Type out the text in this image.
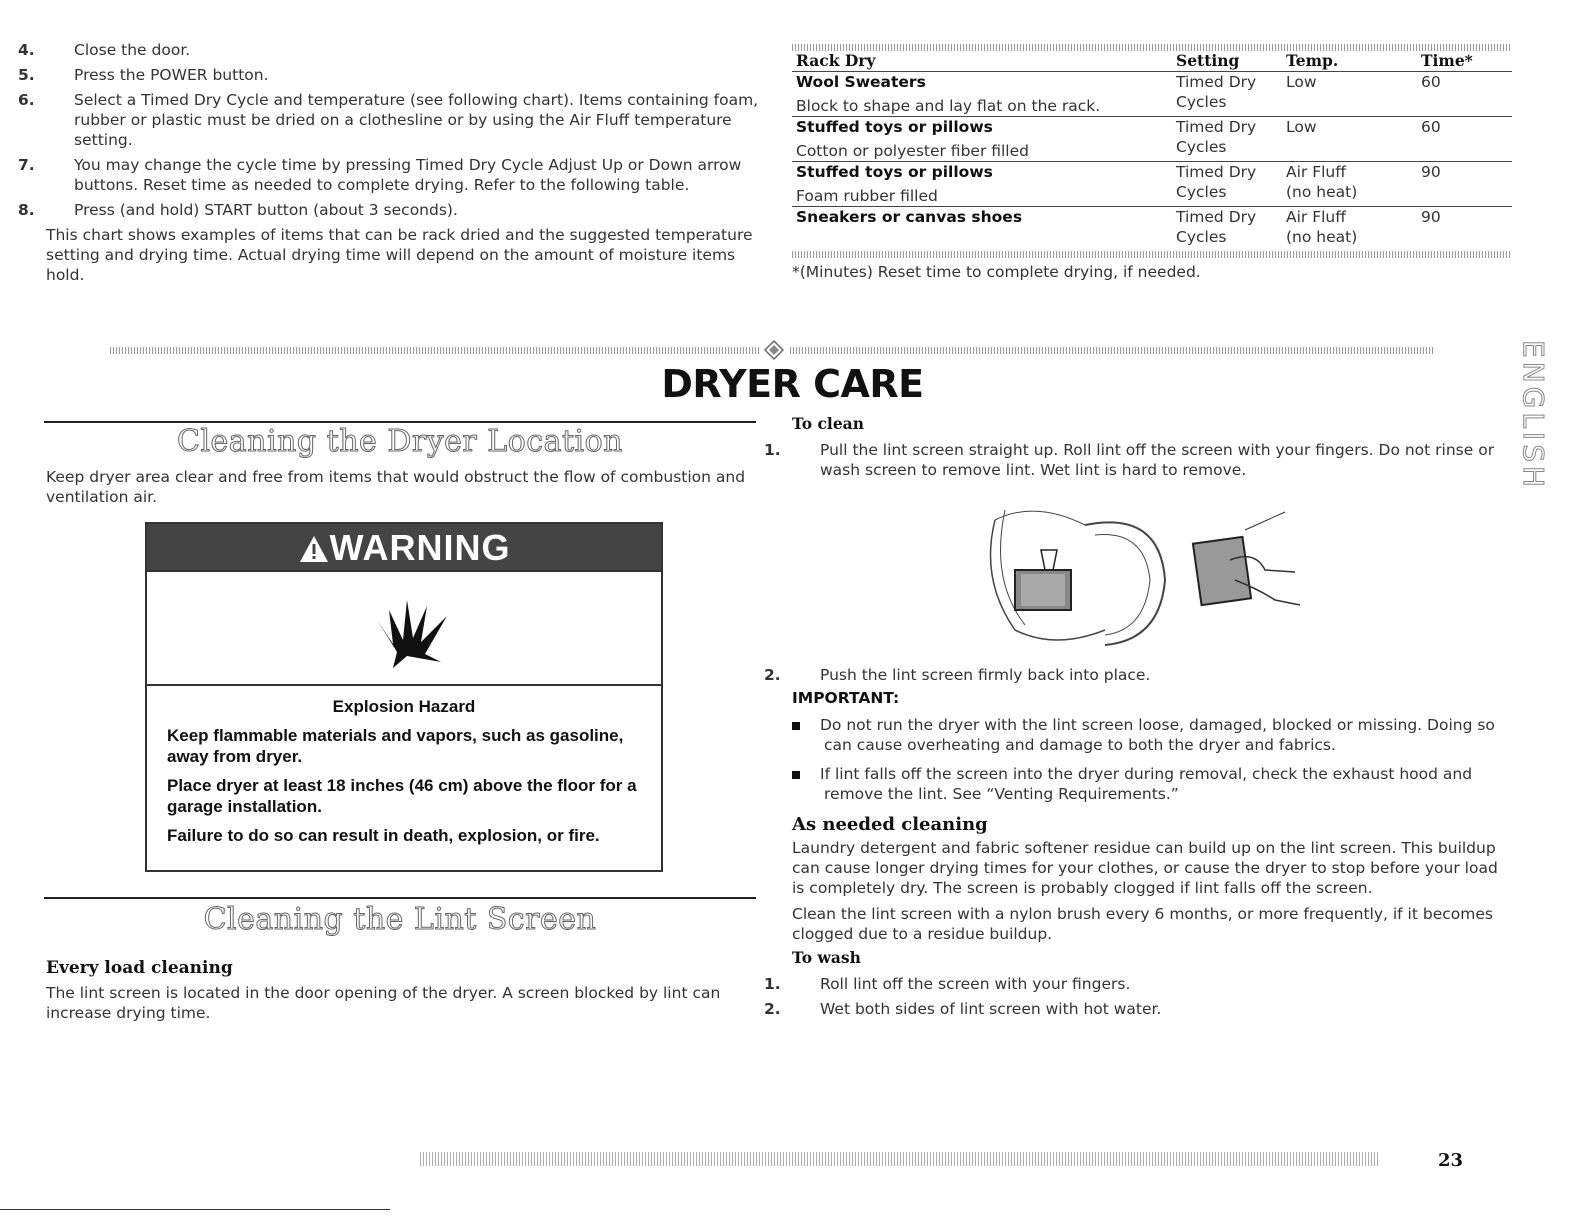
4.	Close the door.
5.	Press the POWER button.
6.	Select a Timed Dry Cycle and temperature (see following chart). Items containing foam, rubber or plastic must be dried on a clothesline or by using the Air Fluff temperature setting.
7.	You may change the cycle time by pressing Timed Dry Cycle Adjust Up or Down arrow buttons. Reset time as needed to complete drying. Refer to the following table.
8.	Press (and hold) START button (about 3 seconds).
This chart shows examples of items that can be rack dried and the suggested temperature setting and drying time. Actual drying time will depend on the amount of moisture items hold.
Rack Dry	Setting	Temp.	Time*
Wool Sweaters	Timed Dry	Low	60
Block to shape and lay flat on the rack.	Cycles		
Stuffed toys or pillows	Timed Dry	Low	60
Cotton or polyester fiber filled	Cycles		
Stuffed toys or pillows	Timed Dry	Air Fluff	90
Foam rubber filled	Cycles	(no heat)	
Sneakers or canvas shoes	Timed Dry	Air Fluff	90
	Cycles	(no heat)	
*(Minutes) Reset time to complete drying, if needed.
DRYER CARE	ENGLISH
Cleaning the Dryer Location
Keep dryer area clear and free from items that would obstruct the flow of combustion and ventilation air.
WARNING
Explosion Hazard
Keep flammable materials and vapors, such as gasoline, away from dryer.
Place dryer at least 18 inches (46 cm) above the floor for a garage installation.
Failure to do so can result in death, explosion, or fire.
Cleaning the Lint Screen
Every load cleaning
The lint screen is located in the door opening of the dryer. A screen blocked by lint can increase drying time.
To clean
1.	Pull the lint screen straight up. Roll lint off the screen with your fingers. Do not rinse or wash screen to remove lint. Wet lint is hard to remove.
2.	Push the lint screen firmly back into place.
IMPORTANT:
Do not run the dryer with the lint screen loose, damaged, blocked or missing. Doing so can cause overheating and damage to both the dryer and fabrics.
If lint falls off the screen into the dryer during removal, check the exhaust hood and remove the lint. See “Venting Requirements.”
As needed cleaning
Laundry detergent and fabric softener residue can build up on the lint screen. This buildup can cause longer drying times for your clothes, or cause the dryer to stop before your load is completely dry. The screen is probably clogged if lint falls off the screen.
Clean the lint screen with a nylon brush every 6 months, or more frequently, if it becomes clogged due to a residue buildup.
To wash
1.	Roll lint off the screen with your fingers.
2.	Wet both sides of lint screen with hot water.
23
